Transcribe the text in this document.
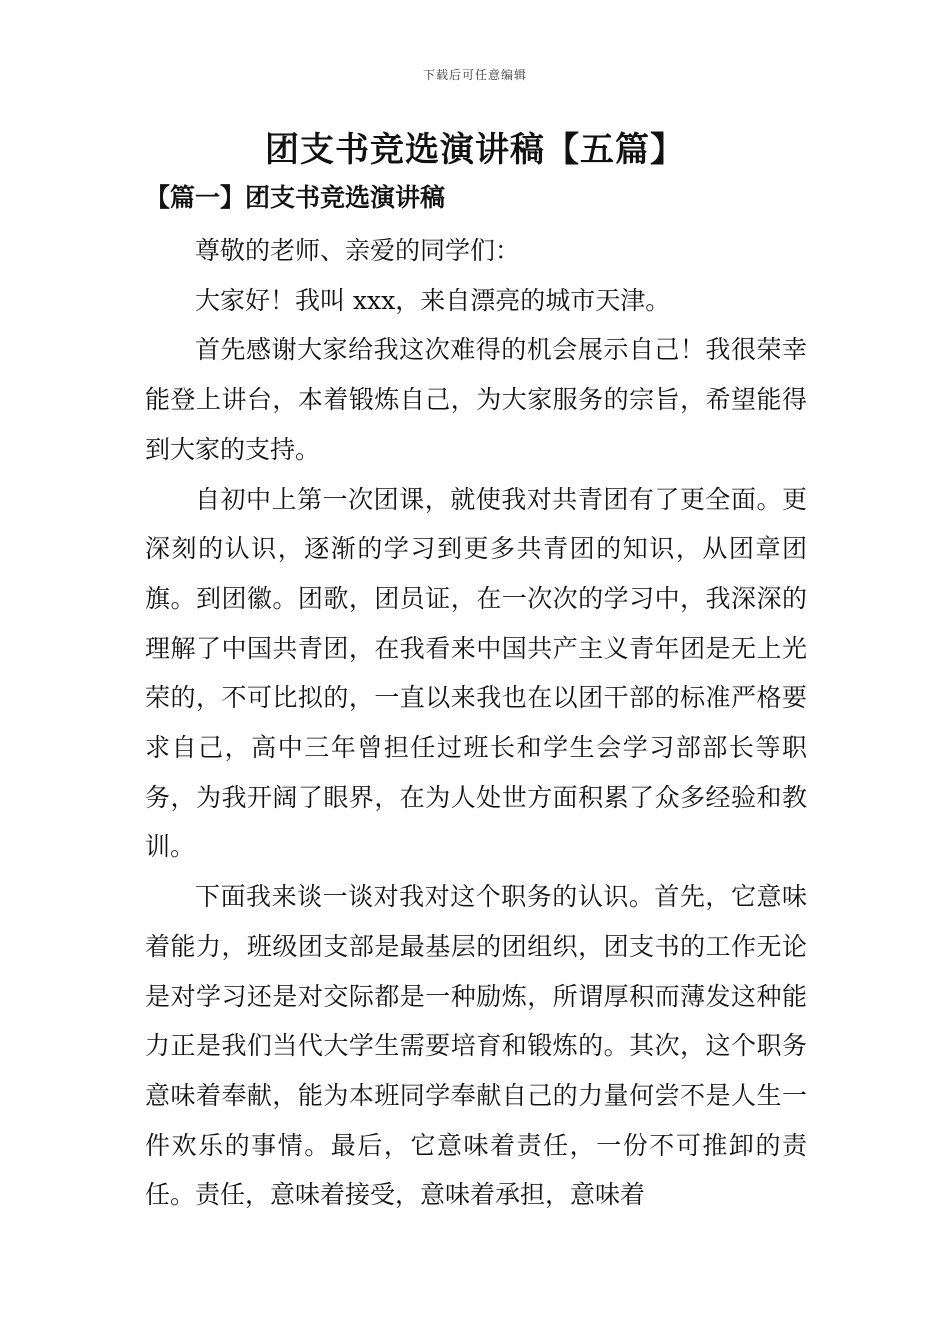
下载后可任意编辑
团支书竞选演讲稿【五篇】
【篇一】团支书竞选演讲稿

尊敬的老师、亲爱的同学们：

大家好！我叫 xxx，来自漂亮的城市天津。

首先感谢大家给我这次难得的机会展示自己！我很荣幸能登上讲台，本着锻炼自己，为大家服务的宗旨，希望能得到大家的支持。

自初中上第一次团课，就使我对共青团有了更全面。更深刻的认识，逐渐的学习到更多共青团的知识，从团章团旗。到团徽。团歌，团员证，在一次次的学习中，我深深的理解了中国共青团，在我看来中国共产主义青年团是无上光荣的，不可比拟的，一直以来我也在以团干部的标准严格要求自己，高中三年曾担任过班长和学生会学习部部长等职务，为我开阔了眼界，在为人处世方面积累了众多经验和教训。

下面我来谈一谈对我对这个职务的认识。首先，它意味着能力，班级团支部是最基层的团组织，团支书的工作无论是对学习还是对交际都是一种励炼，所谓厚积而薄发这种能力正是我们当代大学生需要培育和锻炼的。其次，这个职务意味着奉献，能为本班同学奉献自己的力量何尝不是人生一件欢乐的事情。最后，它意味着责任，一份不可推卸的责任。责任，意味着接受，意味着承担，意味着
